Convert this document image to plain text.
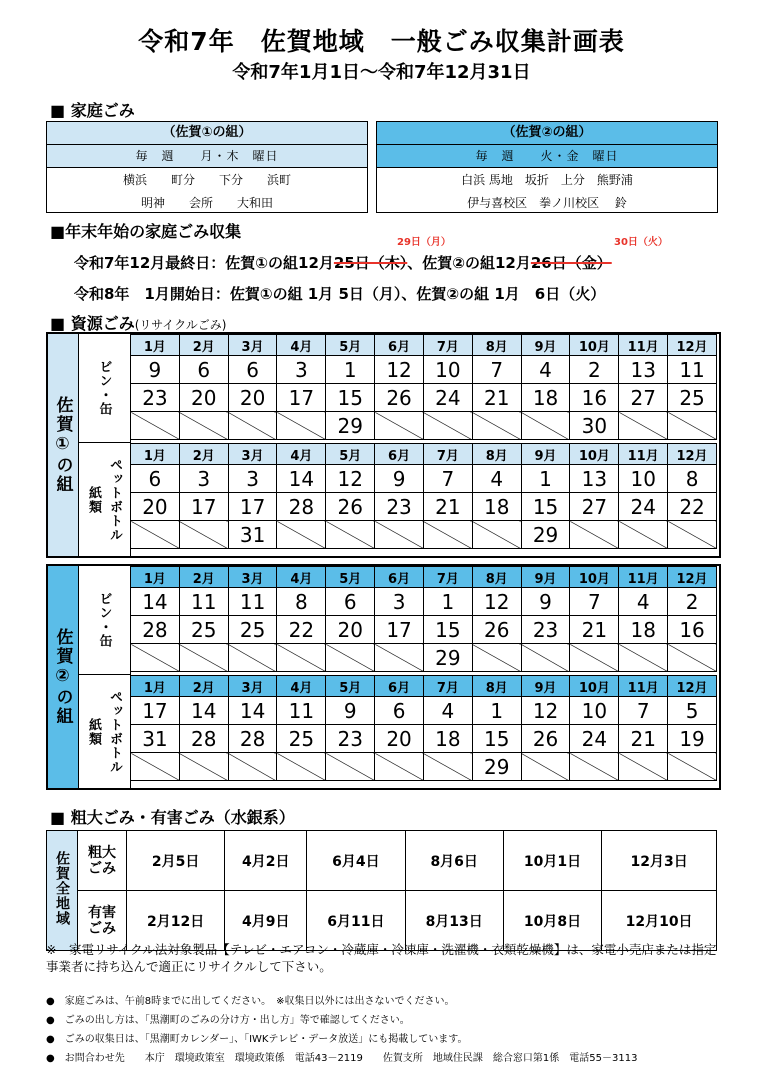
令和7年　佐賀地域　一般ごみ収集計画表
令和7年1月1日～令和7年12月31日
■ 家庭ごみ
（佐賀①の組）
毎　週　　月・木　曜日
横浜　　町分　　下分　　浜町
明神　　会所　　大和田
（佐賀②の組）
毎　週　　火・金　曜日
白浜 馬地　坂折　上分　熊野浦
伊与喜校区　拳ノ川校区　 鈴
■年末年始の家庭ごみ収集
29日（月）	30日（火）
令和7年12月最終日：佐賀①の組12月25日（木）、佐賀②の組12月26日（金）
令和8年　1月開始日：佐賀①の組 1月 5日（月）、佐賀②の組 1月　6日（火）
■ 資源ごみ(リサイクルごみ)
佐賀①の組
ビン・缶
ペットボトル
紙類
1月	2月	3月	4月	5月	6月	7月	8月	9月	10月	11月	12月
9	6	6	3	1	12	10	7	4	2	13	11
23	20	20	17	15	26	24	21	18	16	27	25
				29					30		
1月	2月	3月	4月	5月	6月	7月	8月	9月	10月	11月	12月
6	3	3	14	12	9	7	4	1	13	10	8
20	17	17	28	26	23	21	18	15	27	24	22
		31						29			
佐賀②の組
ビン・缶
ペットボトル
紙類
1月	2月	3月	4月	5月	6月	7月	8月	9月	10月	11月	12月
14	11	11	8	6	3	1	12	9	7	4	2
28	25	25	22	20	17	15	26	23	21	18	16
						29					
1月	2月	3月	4月	5月	6月	7月	8月	9月	10月	11月	12月
17	14	14	11	9	6	4	1	12	10	7	5
31	28	28	25	23	20	18	15	26	24	21	19
							29				
■ 粗大ごみ・有害ごみ（水銀系）
佐賀全地域	粗大ごみ	2月5日	4月2日	6月4日	8月6日	10月1日	12月3日

	有害ごみ	2月12日	4月9日	6月11日	8月13日	10月8日	12月10日
※　家電リサイクル法対象製品【テレビ・エアコン・冷蔵庫・冷凍庫・洗濯機・衣類乾燥機】は、家電小売店または指定事業者に持ち込んで適正にリサイクルして下さい。
●　家庭ごみは、午前8時までに出してください。　※収集日以外には出さないでください。
●　ごみの出し方は、「黒潮町のごみの分け方・出し方」等で確認してください。
●　ごみの収集日は、「黒潮町カレンダー」、「IWKテレビ・データ放送」にも掲載しています。
●　お問合わせ先　　本庁　環境政策室　環境政策係　電話43－2119　　佐賀支所　地域住民課　総合窓口第1係　電話55－3113
